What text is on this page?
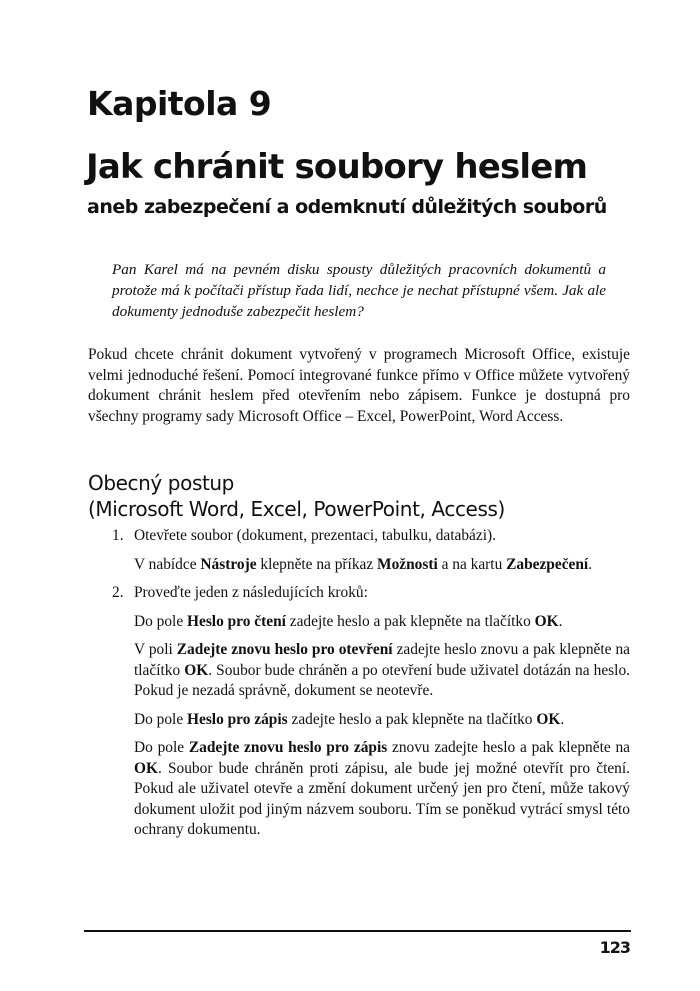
Kapitola 9
Jak chránit soubory heslem
aneb zabezpečení a odemknutí důležitých souborů

Pan Karel má na pevném disku spousty důležitých pracovních dokumentů a protože má k počítači přístup řada lidí, nechce je nechat přístupné všem. Jak ale dokumenty jednoduše zabezpečit heslem?

Pokud chcete chránit dokument vytvořený v programech Microsoft Office, existuje velmi jednoduché řešení. Pomocí integrované funkce přímo v Office můžete vytvořený dokument chránit heslem před otevřením nebo zápisem. Funkce je dostupná pro všechny programy sady Microsoft Office – Excel, PowerPoint, Word Access.

Obecný postup
(Microsoft Word, Excel, PowerPoint, Access)
1. Otevřete soubor (dokument, prezentaci, tabulku, databázi).

V nabídce Nástroje klepněte na příkaz Možnosti a na kartu Zabezpečení.

2. Proveďte jeden z následujících kroků:

Do pole Heslo pro čtení zadejte heslo a pak klepněte na tlačítko OK.

V poli Zadejte znovu heslo pro otevření zadejte heslo znovu a pak klepněte na tlačítko OK. Soubor bude chráněn a po otevření bude uživatel dotázán na heslo. Pokud je nezadá správně, dokument se neotevře.

Do pole Heslo pro zápis zadejte heslo a pak klepněte na tlačítko OK.

Do pole Zadejte znovu heslo pro zápis znovu zadejte heslo a pak klepněte na OK. Soubor bude chráněn proti zápisu, ale bude jej možné otevřít pro čtení. Pokud ale uživatel otevře a změní dokument určený jen pro čtení, může takový dokument uložit pod jiným názvem souboru. Tím se poněkud vytrácí smysl této ochrany dokumentu.

123
